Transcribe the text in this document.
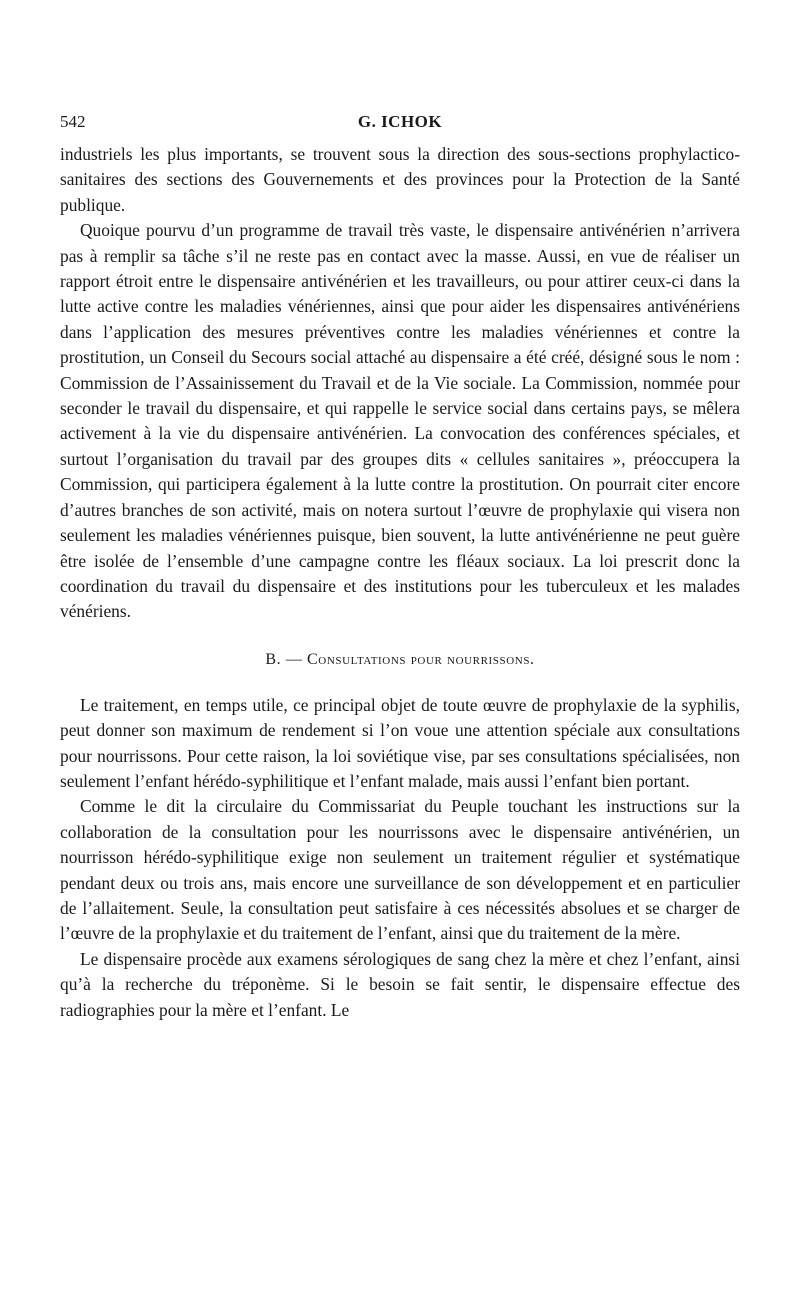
542	G. ICHOK

industriels les plus importants, se trouvent sous la direction des sous-sections prophylactico-sanitaires des sections des Gouvernements et des provinces pour la Protection de la Santé publique.

Quoique pourvu d’un programme de travail très vaste, le dispensaire antivénérien n’arrivera pas à remplir sa tâche s’il ne reste pas en contact avec la masse. Aussi, en vue de réaliser un rapport étroit entre le dispensaire antivénérien et les travailleurs, ou pour attirer ceux-ci dans la lutte active contre les maladies vénériennes, ainsi que pour aider les dispensaires antivénériens dans l’application des mesures préventives contre les maladies vénériennes et contre la prostitution, un Conseil du Secours social attaché au dispensaire a été créé, désigné sous le nom : Commission de l’Assainissement du Travail et de la Vie sociale. La Commission, nommée pour seconder le travail du dispensaire, et qui rappelle le service social dans certains pays, se mêlera activement à la vie du dispensaire antivénérien. La convocation des conférences spéciales, et surtout l’organisation du travail par des groupes dits « cellules sanitaires », préoccupera la Commission, qui participera également à la lutte contre la prostitution. On pourrait citer encore d’autres branches de son activité, mais on notera surtout l’œuvre de prophylaxie qui visera non seulement les maladies vénériennes puisque, bien souvent, la lutte antivénérienne ne peut guère être isolée de l’ensemble d’une campagne contre les fléaux sociaux. La loi prescrit donc la coordination du travail du dispensaire et des institutions pour les tuberculeux et les malades vénériens.

B. — Consultations pour nourrissons.

Le traitement, en temps utile, ce principal objet de toute œuvre de prophylaxie de la syphilis, peut donner son maximum de rendement si l’on voue une attention spéciale aux consultations pour nourrissons. Pour cette raison, la loi soviétique vise, par ses consultations spécialisées, non seulement l’enfant hérédo-syphilitique et l’enfant malade, mais aussi l’enfant bien portant.

Comme le dit la circulaire du Commissariat du Peuple touchant les instructions sur la collaboration de la consultation pour les nourrissons avec le dispensaire antivénérien, un nourrisson hérédo-syphilitique exige non seulement un traitement régulier et systématique pendant deux ou trois ans, mais encore une surveillance de son développement et en particulier de l’allaitement. Seule, la consultation peut satisfaire à ces nécessités absolues et se charger de l’œuvre de la prophylaxie et du traitement de l’enfant, ainsi que du traitement de la mère.

Le dispensaire procède aux examens sérologiques de sang chez la mère et chez l’enfant, ainsi qu’à la recherche du tréponème. Si le besoin se fait sentir, le dispensaire effectue des radiographies pour la mère et l’enfant. Le
